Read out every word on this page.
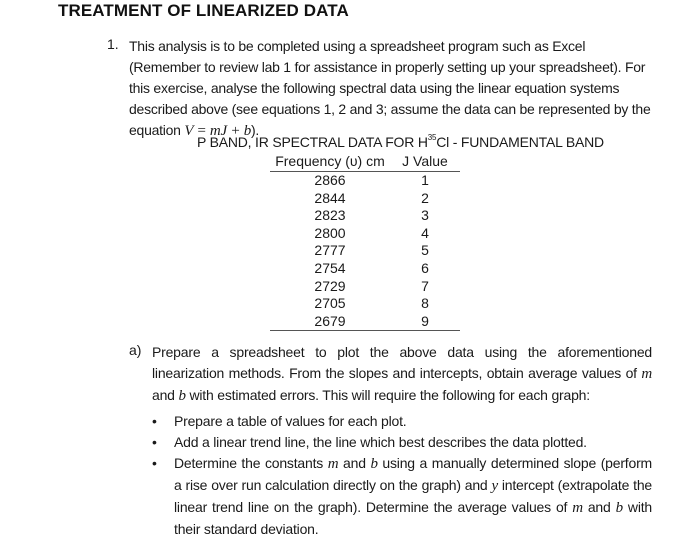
TREATMENT OF LINEARIZED DATA
1. This analysis is to be completed using a spreadsheet program such as Excel (Remember to review lab 1 for assistance in properly setting up your spreadsheet). For this exercise, analyse the following spectral data using the linear equation systems described above (see equations 1, 2 and 3; assume the data can be represented by the equation V = mJ + b).
P BAND, IR SPECTRAL DATA FOR $H^{35}Cl$ - FUNDAMENTAL BAND
Frequency (υ) cm	J Value
2866	1
2844	2
2823	3
2800	4
2777	5
2754	6
2729	7
2705	8
2679	9
a) Prepare a spreadsheet to plot the above data using the aforementioned linearization methods. From the slopes and intercepts, obtain average values of m and b with estimated errors. This will require the following for each graph:
• Prepare a table of values for each plot.
• Add a linear trend line, the line which best describes the data plotted.
• Determine the constants m and b using a manually determined slope (perform a rise over run calculation directly on the graph) and y intercept (extrapolate the linear trend line on the graph). Determine the average values of m and b with their standard deviation.
